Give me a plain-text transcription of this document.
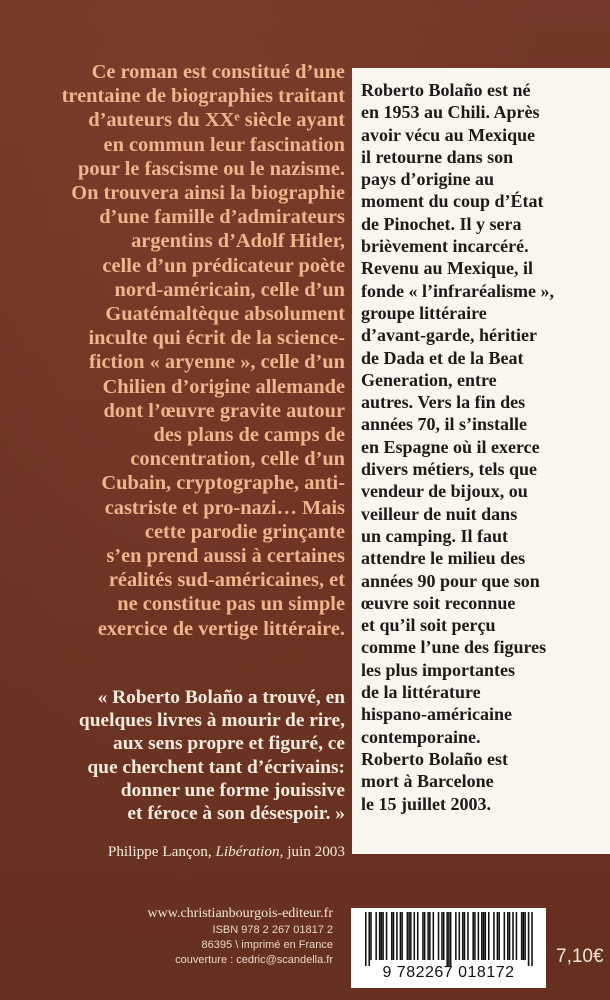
Ce roman est constitué d’une
trentaine de biographies traitant
d’auteurs du XXᵉ siècle ayant
en commun leur fascination
pour le fascisme ou le nazisme.
On trouvera ainsi la biographie
d’une famille d’admirateurs
argentins d’Adolf Hitler,
celle d’un prédicateur poète
nord-américain, celle d’un
Guatémaltèque absolument
inculte qui écrit de la science-
fiction « aryenne », celle d’un
Chilien d’origine allemande
dont l’œuvre gravite autour
des plans de camps de
concentration, celle d’un
Cubain, cryptographe, anti-
castriste et pro-nazi… Mais
cette parodie grinçante
s’en prend aussi à certaines
réalités sud-américaines, et
ne constitue pas un simple
exercice de vertige littéraire.
« Roberto Bolaño a trouvé, en
quelques livres à mourir de rire,
aux sens propre et figuré, ce
que cherchent tant d’écrivains:
donner une forme jouissive
et féroce à son désespoir. »
Philippe Lançon, Libération, juin 2003
Roberto Bolaño est né
en 1953 au Chili. Après
avoir vécu au Mexique
il retourne dans son
pays d’origine au
moment du coup d’État
de Pinochet. Il y sera
brièvement incarcéré.
Revenu au Mexique, il
fonde « l’infraréalisme »,
groupe littéraire
d’avant-garde, héritier
de Dada et de la Beat
Generation, entre
autres. Vers la fin des
années 70, il s’installe
en Espagne où il exerce
divers métiers, tels que
vendeur de bijoux, ou
veilleur de nuit dans
un camping. Il faut
attendre le milieu des
années 90 pour que son
œuvre soit reconnue
et qu’il soit perçu
comme l’une des figures
les plus importantes
de la littérature
hispano-américaine
contemporaine.
Roberto Bolaño est
mort à Barcelone
le 15 juillet 2003.
www.christianbourgois-editeur.fr
ISBN 978 2 267 01817 2
86395 \ imprimé en France
couverture : cedric@scandella.fr
9 782267 018172
7,10€
